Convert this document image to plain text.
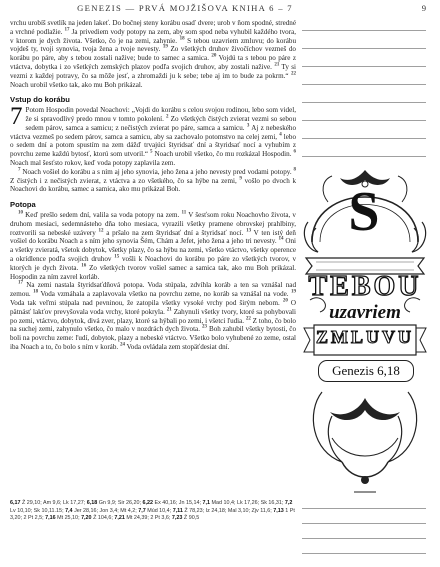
GENEZIS — PRVÁ MOJŽIŠOVA KNIHA 6 – 7	9

vrchu urobíš svetlík na jeden lakeť. Do bočnej steny korábu osaď dvere; urob v ňom spodné, stredné a vrchné podlažie. $^{17}$ Ja privediem vody potopy na zem, aby som spod neba vyhubil každého tvora, v ktorom je dych života. Všetko, čo je na zemi, zahynie. $^{18}$ S tebou uzavriem zmluvu; do korábu vojdeš ty, tvoji synovia, tvoja žena a tvoje nevesty. $^{19}$ Zo všetkých druhov živočíchov vezmeš do korábu po páre, aby s tebou zostali nažive; bude to samec a samica. $^{20}$ Vojdú ta s tebou po páre z vtáctva, dobytka i zo všetkých zemských plazov podľa svojich druhov, aby zostali nažive. $^{21}$ Ty si vezmi z každej potravy, čo sa môže jesť, a zhromaždi ju k sebe; tebe aj im to bude za pokrm.“ $^{22}$ Noach urobil všetko tak, ako mu Boh prikázal.

Vstup do korábu

7 Potom Hospodin povedal Noachovi: „Vojdi do korábu s celou svojou rodinou, lebo som videl, že si spravodlivý predo mnou v tomto pokolení. $^2$ Zo všetkých čistých zvierat vezmi so sebou sedem párov, samca a samicu; z nečistých zvierat po páre, samca a samicu. $^3$ Aj z nebeského vtáctva vezmeš po sedem párov, samca a samicu, aby sa zachovalo potomstvo na celej zemi, $^4$ lebo o sedem dní a potom spustím na zem dážď trvajúci štyridsať dní a štyridsať nocí a vyhubím z povrchu zeme každú bytosť, ktorú som utvoril.“ $^5$ Noach urobil všetko, čo mu rozkázal Hospodin. $^6$ Noach mal šesťsto rokov, keď voda potopy zaplavila zem.

$^7$ Noach vošiel do korábu a s ním aj jeho synovia, jeho žena a jeho nevesty pred vodami potopy. $^8$ Z čistých i z nečistých zvierat, z vtáctva a zo všetkého, čo sa hýbe na zemi, $^9$ vošlo po dvoch k Noachovi do korábu, samec a samica, ako mu prikázal Boh.

Potopa

$^{10}$ Keď prešlo sedem dní, valila sa voda potopy na zem. $^{11}$ V šesťsom roku Noachovho života, v druhom mesiaci, sedemnásteho dňa toho mesiaca, vyrazili všetky pramene obrovskej prahlbiny, roztvorili sa nebeské uzávery $^{12}$ a pršalo na zem štyridsať dní a štyridsať nocí. $^{13}$ V ten istý deň vošiel do korábu Noach a s ním jeho synovia Šém, Chám a Jefet, jeho žena a jeho tri nevesty. $^{14}$ Oni a všetky zvieratá, všetok dobytok, všetky plazy, čo sa hýbu na zemi, všetko vtáctvo, všetky operence a okrídlence podľa svojich druhov $^{15}$ vošli k Noachovi do korábu po páre zo všetkých tvorov, v ktorých je dych života. $^{16}$ Zo všetkých tvorov vošiel samec a samica tak, ako mu Boh prikázal. Hospodin za ním zavrel korláb.

$^{17}$ Na zemi nastala štyridsaťdňová potopa. Voda stúpala, zdvíhla koráb a ten sa vznášal nad zemou. $^{18}$ Voda vzmáhala a zaplavovala všetko na povrchu zeme, no koráb sa vznášal na vode. $^{19}$ Voda tak veľmi stúpala nad pevninou, že zatopila všetky vysoké vrchy pod širým nebom. $^{20}$ O pätnásť lakťov prevyšovala voda vrchy, ktoré pokryla. $^{21}$ Zahynuli všetky tvory, ktoré sa pohybovali po zemi, vtáctvo, dobytok, divá zver, plazy, ktoré sa hýbali po zemi, i všetci ľudia. $^{22}$ Z toho, čo bolo na suchej zemi, zahynulo všetko, čo malo v nozdrách dych života. $^{23}$ Boh zahubil všetky bytosti, čo boli na povrchu zeme: ľudí, dobytok, plazy a nebeské vtáctvo. Všetko bolo vyhubené zo zeme, ostal iba Noach a to, čo bolo s ním v koráb. $^{24}$ Voda ovládala zem stopäťdesiat dní.

6,17 Ž 29,10; Am 9,6; Lk 17,27; 6,18 Gn 9,9; Sir 26,20; 6,22 Ex 40,16; Jn 15,14; 7,1 Mad 10,4; Lk 17,26; Sk 16,31; 7,2 Lv 10,10; Sk 10,11.15; 7,4 Jer 28,16; Jon 3,4; Mt 4,2; 7,7 Múd 10,4; 7,11 Ž 78,23; Iz 24,18; Mal 3,10; Zjv 11,6; 7,13 1 Pt 3,20; 2 Pt 2,5; 7,16 Mt 25,10; 7,20 Ž 104,6; 7,21 Mt 24,39; 2 Pt 3,6; 7,23 Ž 90,5
S
TEBOU
uzavriem
ZMLUVU
Genezis 6,18
